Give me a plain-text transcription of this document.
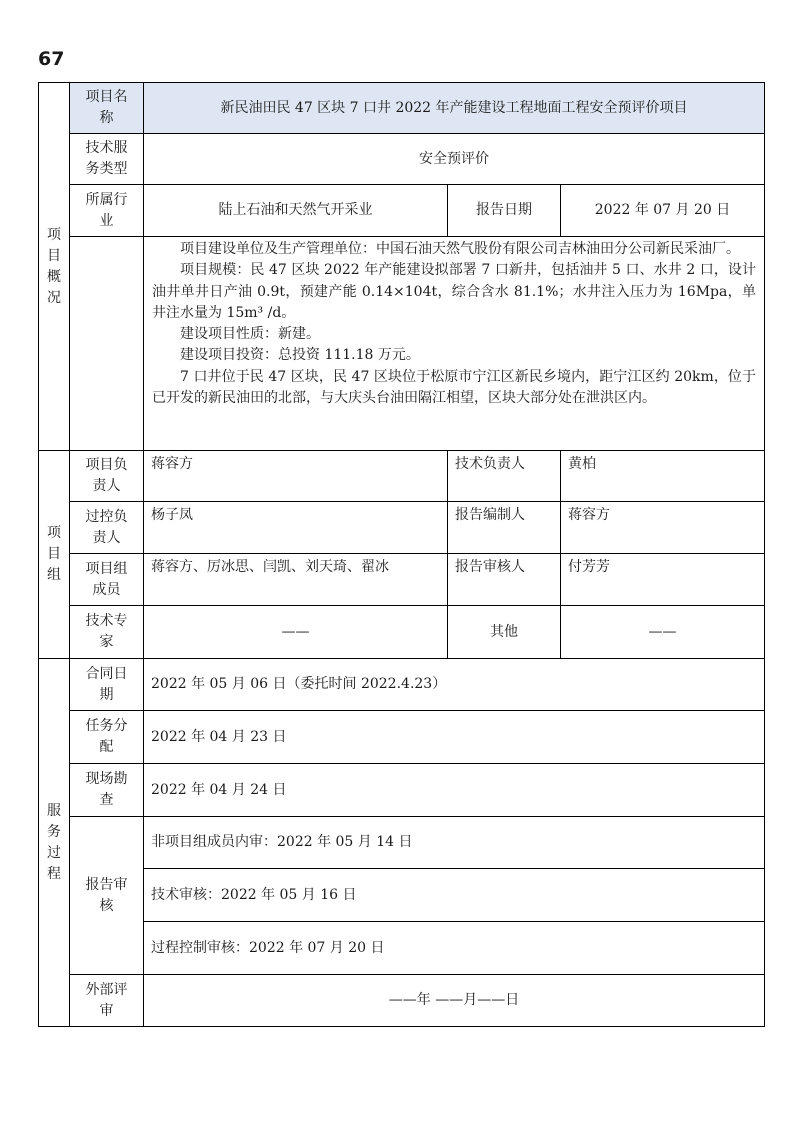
67
项
目
概
况	项目名称	新民油田民 47 区块 7 口井 2022 年产能建设工程地面工程安全预评价项目		

	技术服务类型	安全预评价		

	所属行业	陆上石油和天然气开采业	报告日期	2022 年 07 月 20 日

		项目建设单位及生产管理单位：中国石油天然气股份有限公司吉林油田分公司新民采油厂。

项目规模：民 47 区块 2022 年产能建设拟部署 7 口新井，包括油井 5 口、水井 2 口，设计油井单井日产油 0.9t，预建产能 0.14×104t，综合含水 81.1%；水井注入压力为 16Mpa，单井注水量为 15m³ /d。

建设项目性质：新建。

建设项目投资：总投资 111.18 万元。

7 口井位于民 47 区块，民 47 区块位于松原市宁江区新民乡境内，距宁江区约 20km，位于已开发的新民油田的北部，与大庆头台油田隔江相望，区块大部分处在泄洪区内。		

项
目
组	项目负责人	蒋容方	技术负责人	黄柏

	过控负责人	杨子凤	报告编制人	蒋容方

	项目组成员	蒋容方、厉冰思、闫凯、刘天琦、翟冰	报告审核人	付芳芳

	技术专家	——	其他	——

服
务
过
程	合同日期	2022 年 05 月 06 日（委托时间 2022.4.23）		

	任务分配	2022 年 04 月 23 日		

	现场勘查	2022 年 04 月 24 日		

	报告审核	非项目组成员内审：2022 年 05 月 14 日		
		技术审核：2022 年 05 月 16 日		
		过程控制审核：2022 年 07 月 20 日		

	外部评审	——年 ——月——日		
